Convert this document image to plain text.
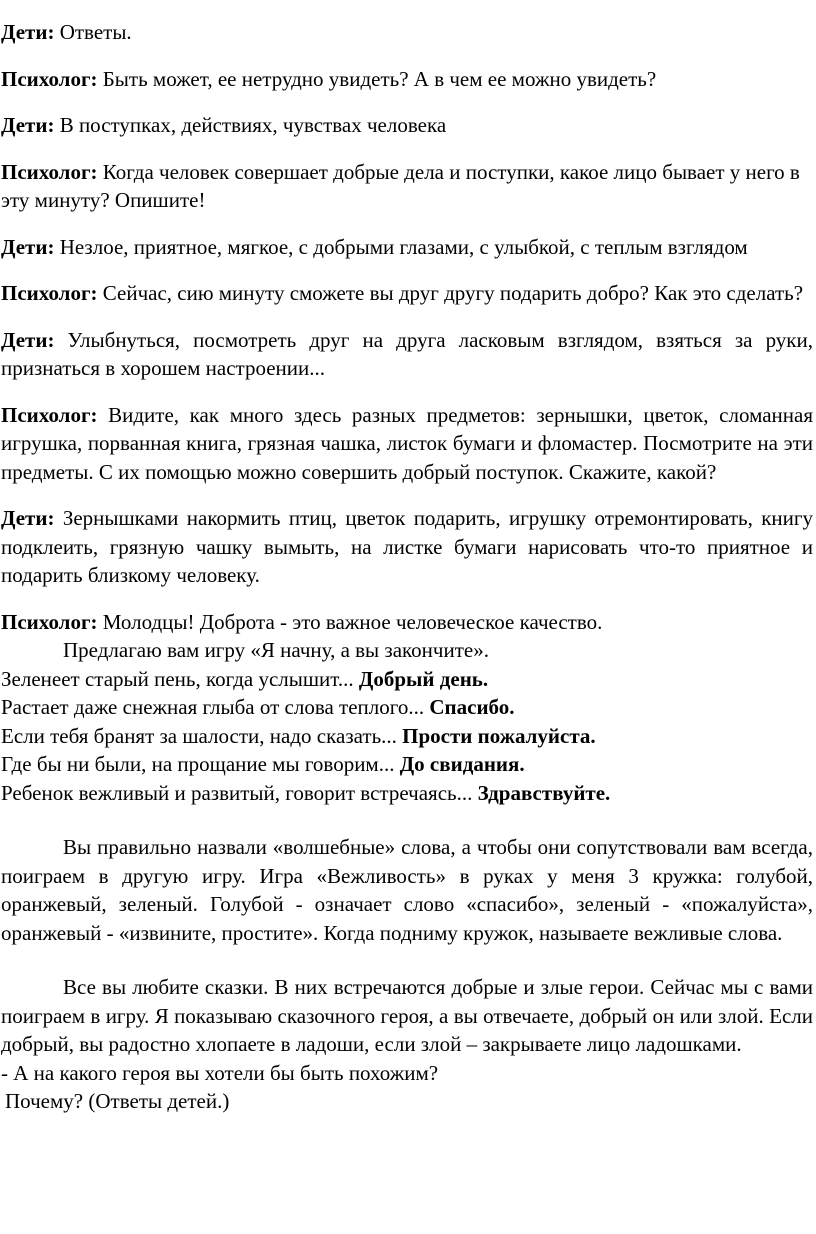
Дети: Ответы.

Психолог: Быть может, ее нетрудно увидеть? А в чем ее можно увидеть?

Дети: В поступках, действиях, чувствах человека

Психолог: Когда человек совершает добрые дела и поступки, какое лицо бывает у него в эту минуту? Опишите!

Дети: Незлое, приятное, мягкое, с добрыми глазами, с улыбкой, с теплым взглядом

Психолог: Сейчас, сию минуту сможете вы друг другу подарить добро? Как это сделать?

Дети: Улыбнуться, посмотреть друг на друга ласковым взглядом, взяться за руки, признаться в хорошем настроении...

Психолог: Видите, как много здесь разных предметов: зернышки, цветок, сломанная игрушка, порванная книга, грязная чашка, листок бумаги и фломастер. Посмотрите на эти предметы. С их помощью можно совершить добрый поступок. Скажите, какой?

Дети: Зернышками накормить птиц, цветок подарить, игрушку отремонтировать, книгу подклеить, грязную чашку вымыть, на листке бумаги нарисовать что-то приятное и подарить близкому человеку.

Психолог: Молодцы! Доброта - это важное человеческое качество.

Предлагаю вам игру «Я начну, а вы закончите».

Зеленеет старый пень, когда услышит... Добрый день.

Растает даже снежная глыба от слова теплого... Спасибо.

Если тебя бранят за шалости, надо сказать... Прости пожалуйста.

Где бы ни были, на прощание мы говорим... До свидания.

Ребенок вежливый и развитый, говорит встречаясь... Здравствуйте.

Вы правильно назвали «волшебные» слова, а чтобы они сопутствовали вам всегда, поиграем в другую игру. Игра «Вежливость» в руках у меня 3 кружка: голубой, оранжевый, зеленый. Голубой - означает слово «спасибо», зеленый - «пожалуйста», оранжевый - «извините, простите». Когда подниму кружок, называете вежливые слова.

Все вы любите сказки. В них встречаются добрые и злые герои. Сейчас мы с вами поиграем в игру. Я показываю сказочного героя, а вы отвечаете, добрый он или злой. Если добрый, вы радостно хлопаете в ладоши, если злой – закрываете лицо ладошками.

- А на какого героя вы хотели бы быть похожим?

Почему? (Ответы детей.)
